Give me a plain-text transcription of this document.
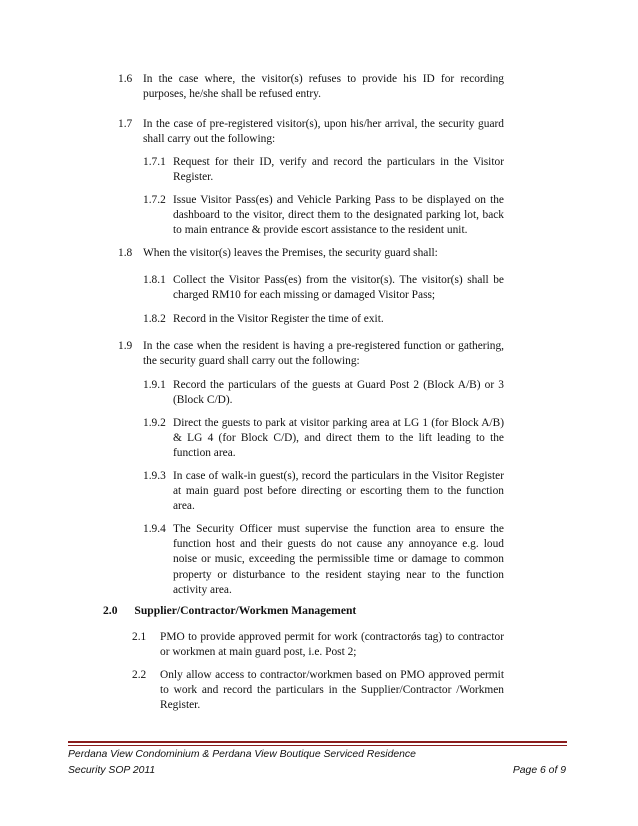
1.6 In the case where, the visitor(s) refuses to provide his ID for recording purposes, he/she shall be refused entry.
1.7 In the case of pre-registered visitor(s), upon his/her arrival, the security guard shall carry out the following:
1.7.1 Request for their ID, verify and record the particulars in the Visitor Register.
1.7.2 Issue Visitor Pass(es) and Vehicle Parking Pass to be displayed on the dashboard to the visitor, direct them to the designated parking lot, back to main entrance & provide escort assistance to the resident unit.
1.8 When the visitor(s) leaves the Premises, the security guard shall:
1.8.1 Collect the Visitor Pass(es) from the visitor(s). The visitor(s) shall be charged RM10 for each missing or damaged Visitor Pass;
1.8.2 Record in the Visitor Register the time of exit.
1.9 In the case when the resident is having a pre-registered function or gathering, the security guard shall carry out the following:
1.9.1 Record the particulars of the guests at Guard Post 2 (Block A/B) or 3 (Block C/D).
1.9.2 Direct the guests to park at visitor parking area at LG 1 (for Block A/B) & LG 4 (for Block C/D), and direct them to the lift leading to the function area.
1.9.3 In case of walk-in guest(s), record the particulars in the Visitor Register at main guard post before directing or escorting them to the function area.
1.9.4 The Security Officer must supervise the function area to ensure the function host and their guests do not cause any annoyance e.g. loud noise or music, exceeding the permissible time or damage to common property or disturbance to the resident staying near to the function activity area.
2.0 Supplier/Contractor/Workmen Management
2.1 PMO to provide approved permit for work (contractorǿs tag) to contractor or workmen at main guard post, i.e. Post 2;
2.2 Only allow access to contractor/workmen based on PMO approved permit to work and record the particulars in the Supplier/Contractor /Workmen Register.
Perdana View Condominium & Perdana View Boutique Serviced Residence
Security SOP 2011	Page 6 of 9
